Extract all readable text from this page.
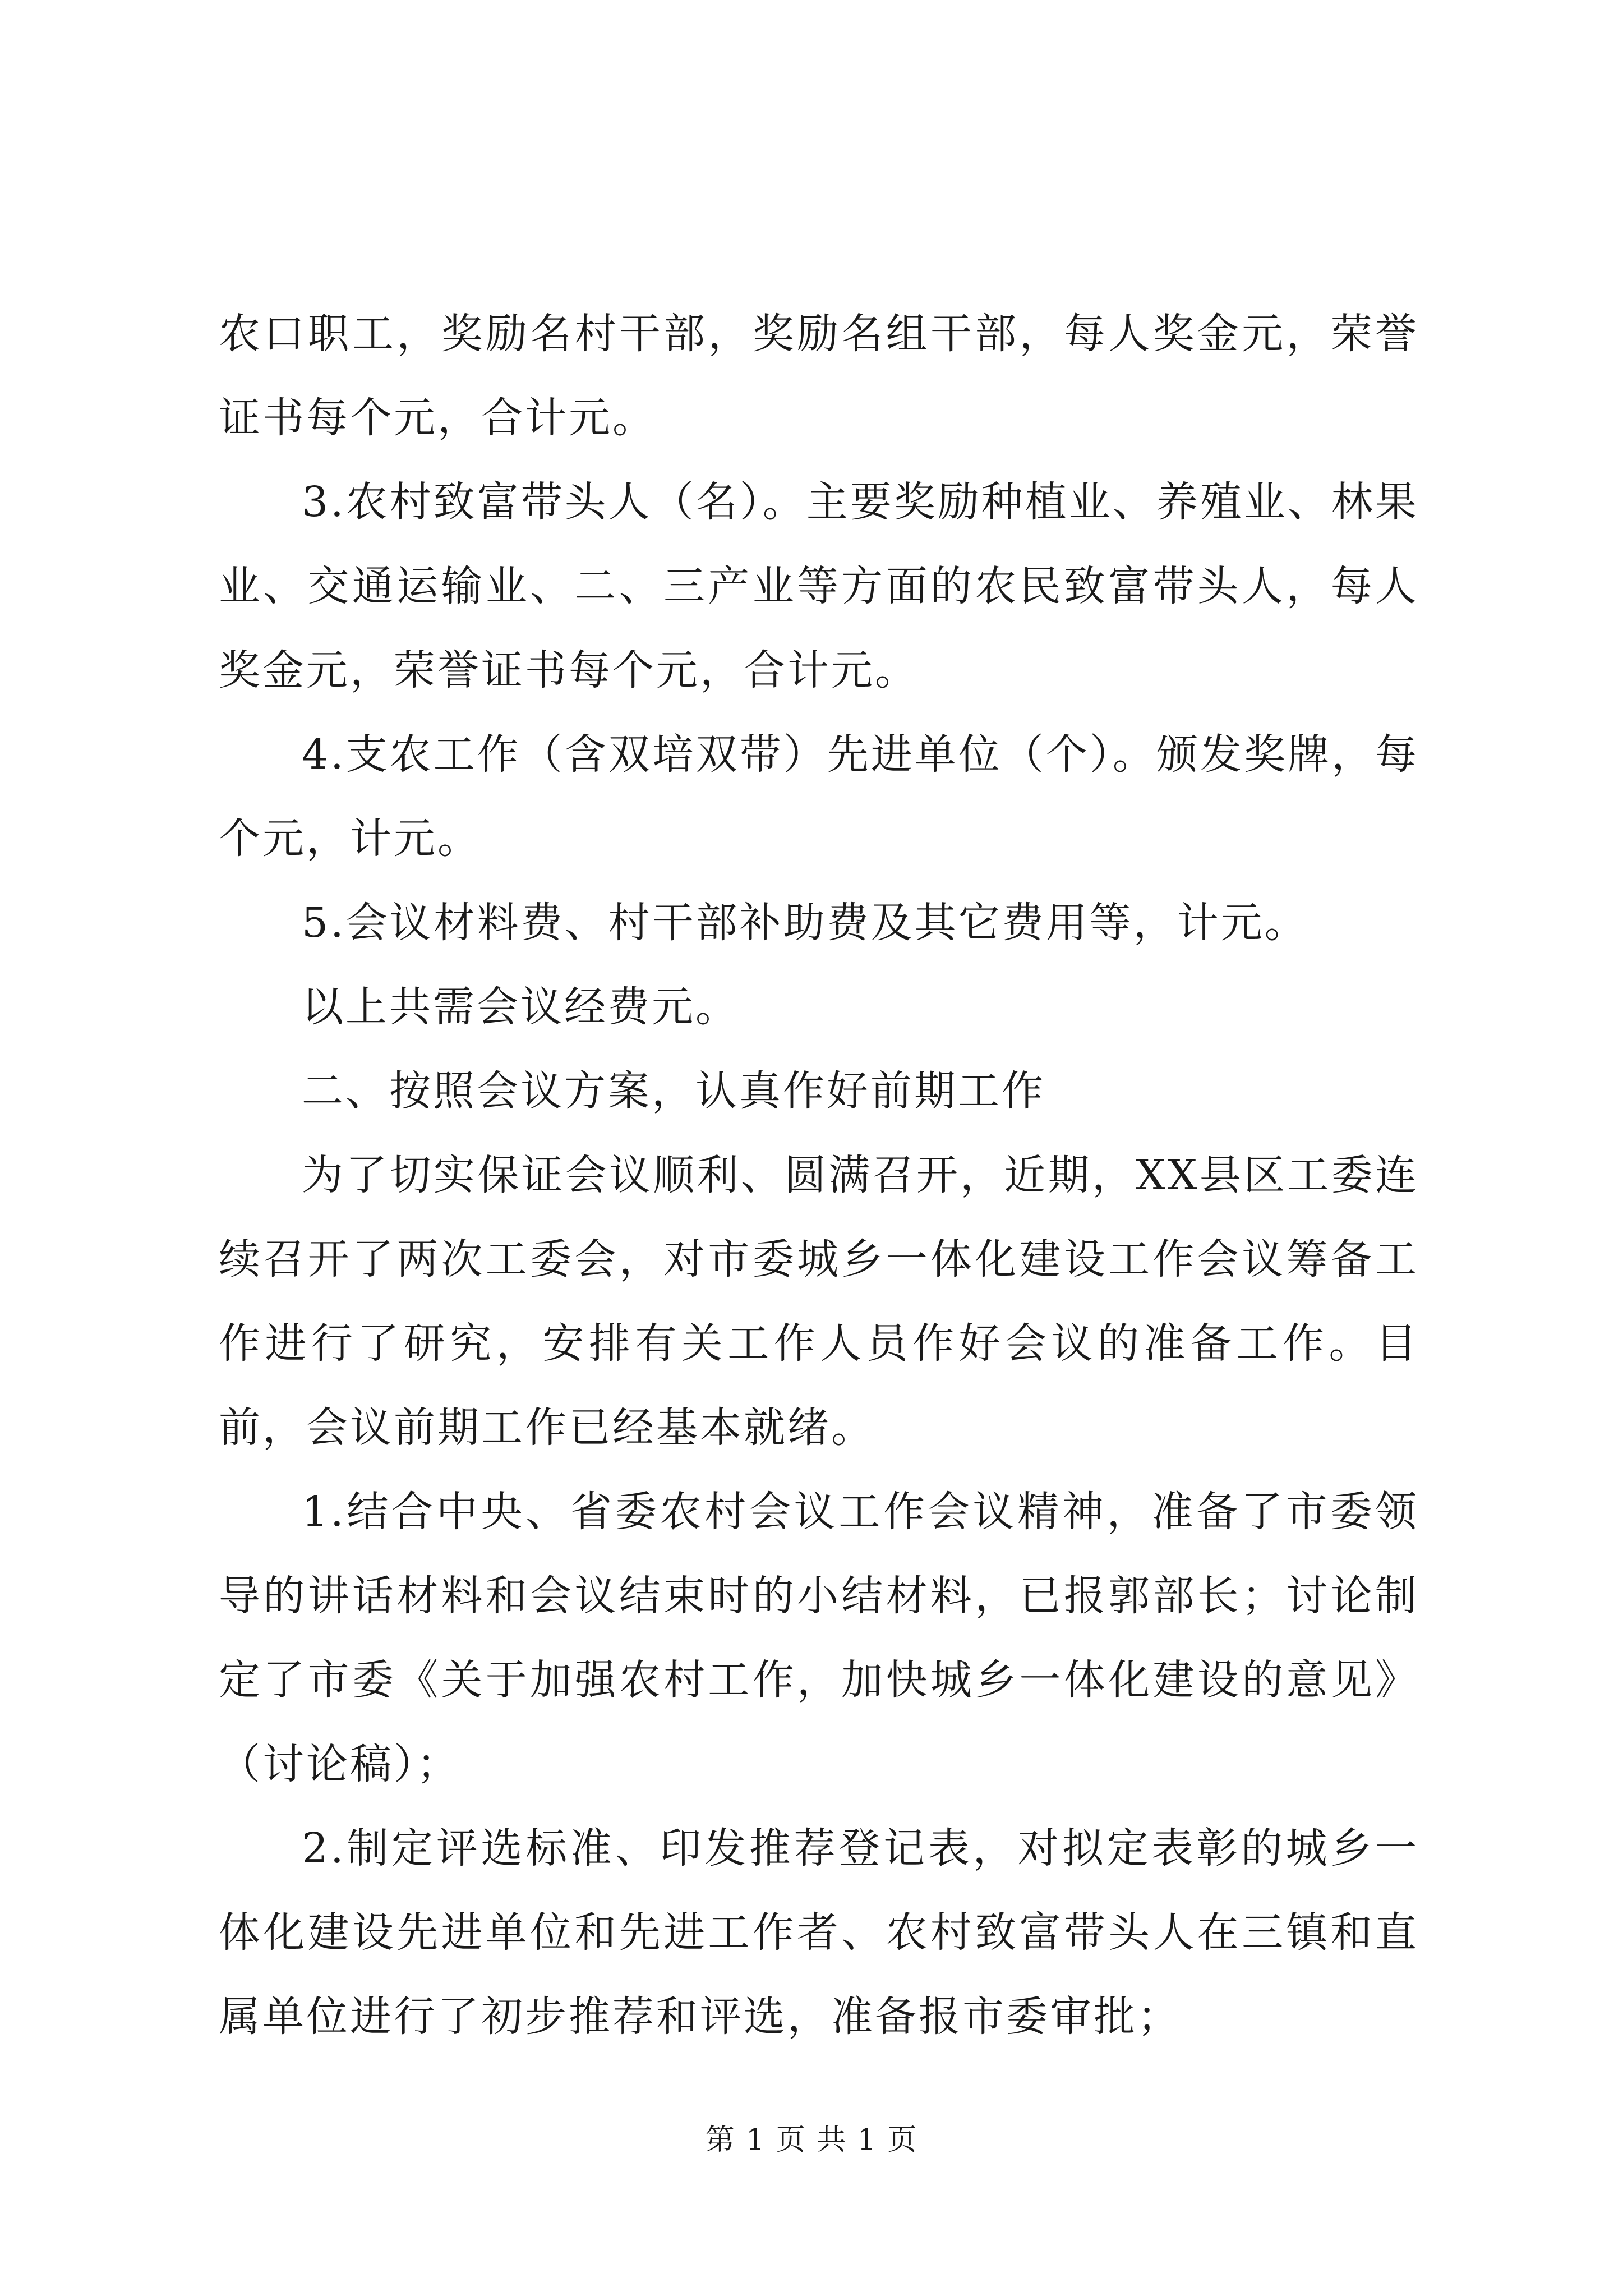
农口职工，奖励名村干部，奖励名组干部，每人奖金元，荣誉证书每个元，合计元。

3.农村致富带头人（名）。主要奖励种植业、养殖业、林果业、交通运输业、二、三产业等方面的农民致富带头人，每人奖金元，荣誉证书每个元，合计元。

4.支农工作（含双培双带）先进单位（个）。颁发奖牌，每个元，计元。

5.会议材料费、村干部补助费及其它费用等，计元。

以上共需会议经费元。

二、按照会议方案，认真作好前期工作

为了切实保证会议顺利、圆满召开，近期，XX县区工委连续召开了两次工委会，对市委城乡一体化建设工作会议筹备工作进行了研究，安排有关工作人员作好会议的准备工作。目前，会议前期工作已经基本就绪。

1.结合中央、省委农村会议工作会议精神，准备了市委领导的讲话材料和会议结束时的小结材料，已报郭部长；讨论制定了市委《关于加强农村工作，加快城乡一体化建设的意见》（讨论稿）；

2.制定评选标准、印发推荐登记表，对拟定表彰的城乡一体化建设先进单位和先进工作者、农村致富带头人在三镇和直属单位进行了初步推荐和评选，准备报市委审批；

第 1 页 共 1 页
